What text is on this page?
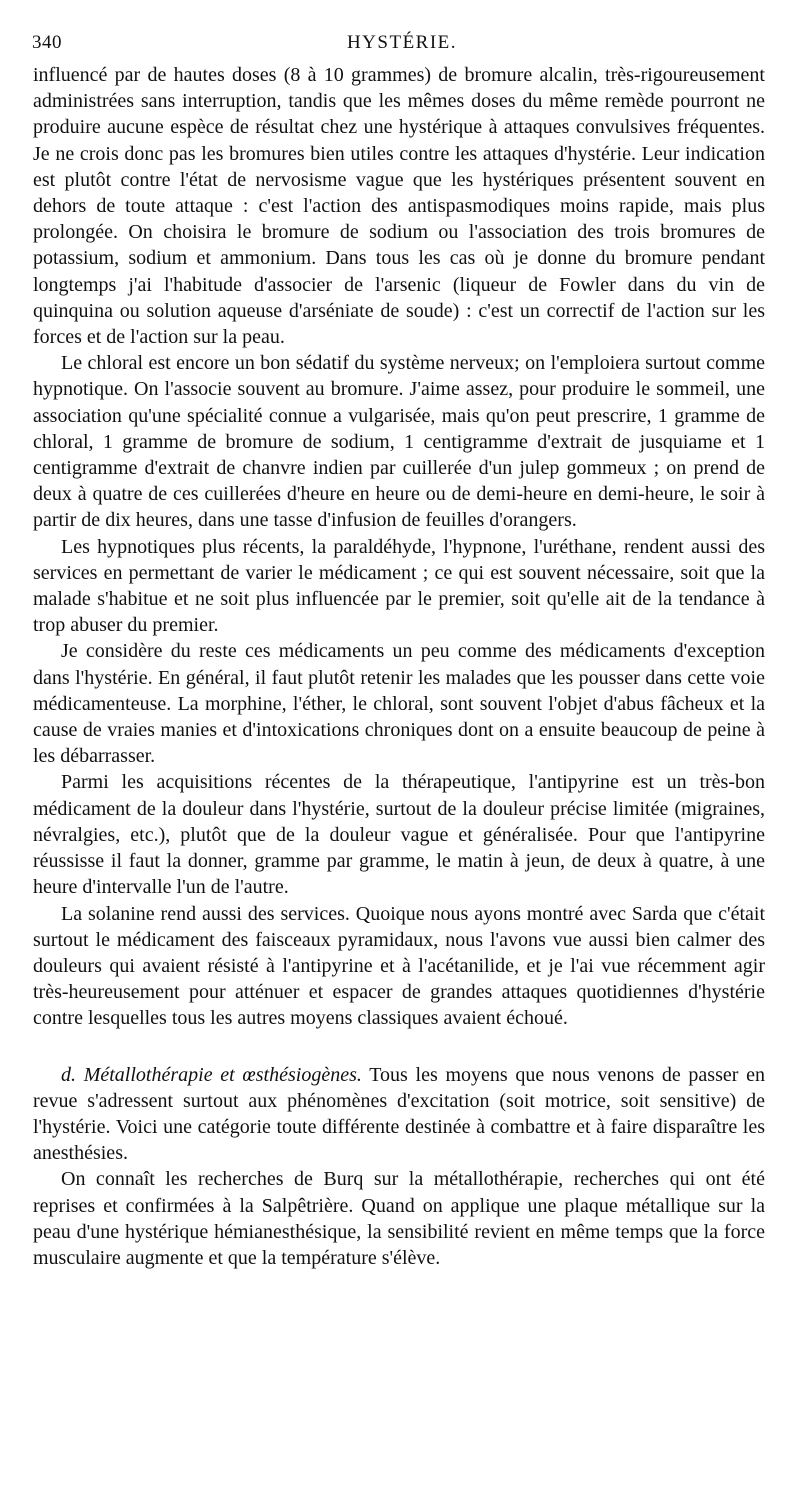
340	HYSTÉRIE.

influencé par de hautes doses (8 à 10 grammes) de bromure alcalin, très-rigoureusement administrées sans interruption, tandis que les mêmes doses du même remède pourront ne produire aucune espèce de résultat chez une hystérique à attaques convulsives fréquentes. Je ne crois donc pas les bromures bien utiles contre les attaques d'hystérie. Leur indication est plutôt contre l'état de nervosisme vague que les hystériques présentent souvent en dehors de toute attaque : c'est l'action des antispasmodiques moins rapide, mais plus prolongée. On choisira le bromure de sodium ou l'association des trois bromures de potassium, sodium et ammonium. Dans tous les cas où je donne du bromure pendant longtemps j'ai l'habitude d'associer de l'arsenic (liqueur de Fowler dans du vin de quinquina ou solution aqueuse d'arséniate de soude) : c'est un correctif de l'action sur les forces et de l'action sur la peau.

Le chloral est encore un bon sédatif du système nerveux; on l'emploiera surtout comme hypnotique. On l'associe souvent au bromure. J'aime assez, pour produire le sommeil, une association qu'une spécialité connue a vulgarisée, mais qu'on peut prescrire, 1 gramme de chloral, 1 gramme de bromure de sodium, 1 centigramme d'extrait de jusquiame et 1 centigramme d'extrait de chanvre indien par cuillerée d'un julep gommeux ; on prend de deux à quatre de ces cuillerées d'heure en heure ou de demi-heure en demi-heure, le soir à partir de dix heures, dans une tasse d'infusion de feuilles d'orangers.

Les hypnotiques plus récents, la paraldéhyde, l'hypnone, l'uréthane, rendent aussi des services en permettant de varier le médicament ; ce qui est souvent nécessaire, soit que la malade s'habitue et ne soit plus influencée par le premier, soit qu'elle ait de la tendance à trop abuser du premier.

Je considère du reste ces médicaments un peu comme des médicaments d'exception dans l'hystérie. En général, il faut plutôt retenir les malades que les pousser dans cette voie médicamenteuse. La morphine, l'éther, le chloral, sont souvent l'objet d'abus fâcheux et la cause de vraies manies et d'intoxications chroniques dont on a ensuite beaucoup de peine à les débarrasser.

Parmi les acquisitions récentes de la thérapeutique, l'antipyrine est un très-bon médicament de la douleur dans l'hystérie, surtout de la douleur précise limitée (migraines, névralgies, etc.), plutôt que de la douleur vague et généralisée. Pour que l'antipyrine réussisse il faut la donner, gramme par gramme, le matin à jeun, de deux à quatre, à une heure d'intervalle l'un de l'autre.

La solanine rend aussi des services. Quoique nous ayons montré avec Sarda que c'était surtout le médicament des faisceaux pyramidaux, nous l'avons vue aussi bien calmer des douleurs qui avaient résisté à l'antipyrine et à l'acétanilide, et je l'ai vue récemment agir très-heureusement pour atténuer et espacer de grandes attaques quotidiennes d'hystérie contre lesquelles tous les autres moyens classiques avaient échoué.

d. Métallothérapie et œsthésiogènes. Tous les moyens que nous venons de passer en revue s'adressent surtout aux phénomènes d'excitation (soit motrice, soit sensitive) de l'hystérie. Voici une catégorie toute différente destinée à combattre et à faire disparaître les anesthésies.

On connaît les recherches de Burq sur la métallothérapie, recherches qui ont été reprises et confirmées à la Salpêtrière. Quand on applique une plaque métallique sur la peau d'une hystérique hémianesthésique, la sensibilité revient en même temps que la force musculaire augmente et que la température s'élève.
